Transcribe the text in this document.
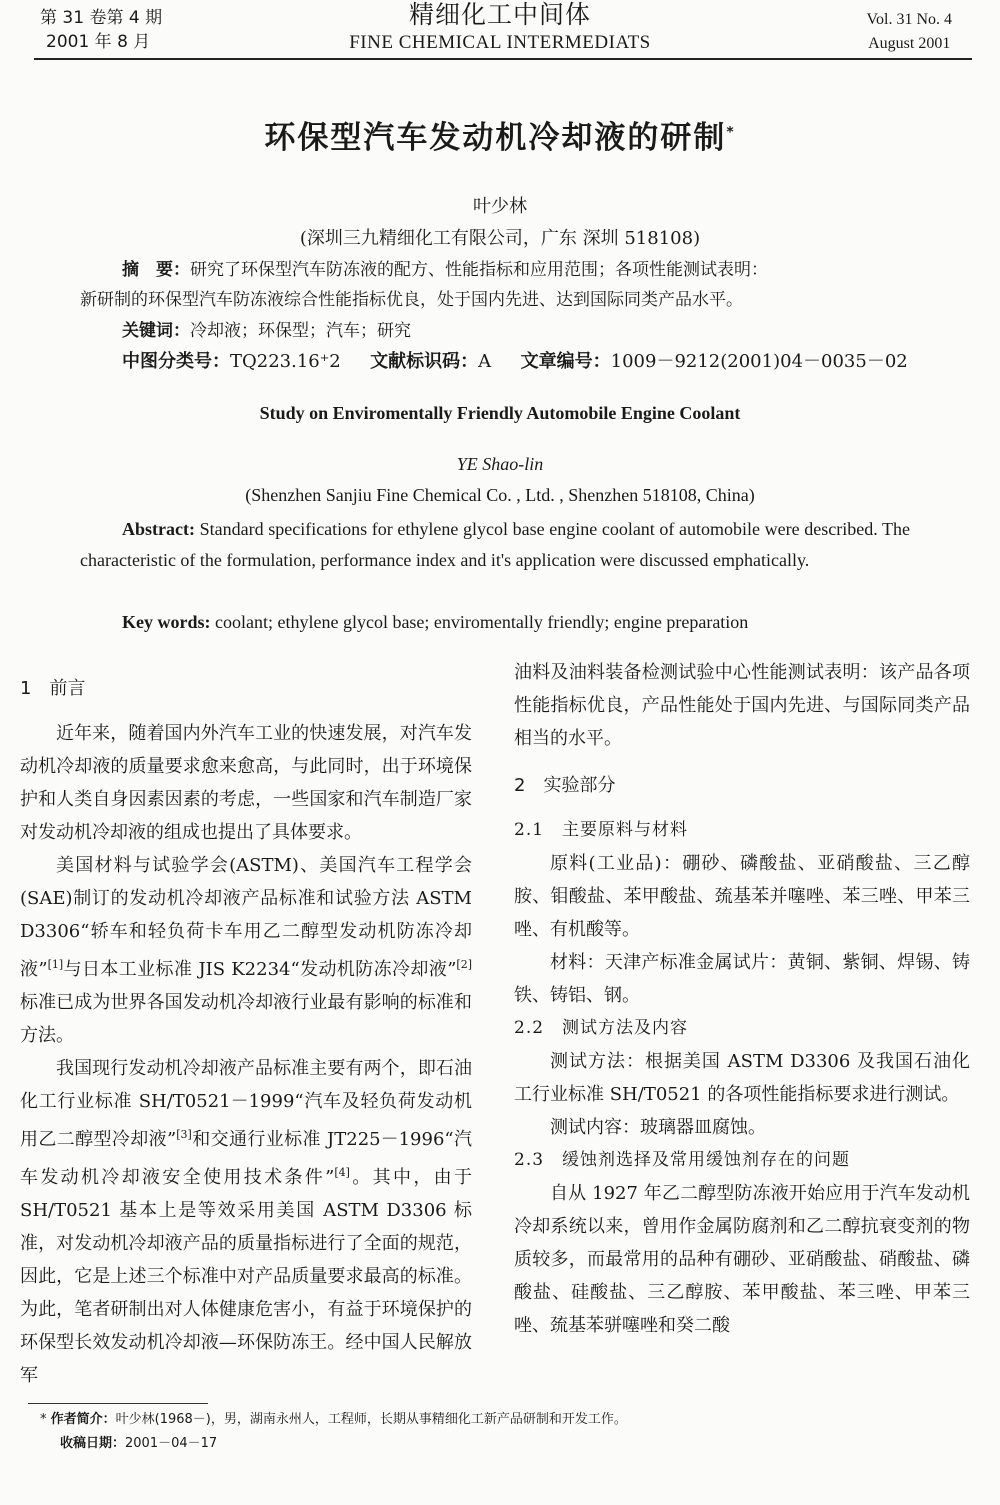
第 31 卷第 4 期
2001 年 8 月
精细化工中间体
FINE CHEMICAL INTERMEDIATS
Vol. 31 No. 4
August 2001
环保型汽车发动机冷却液的研制*
叶少林
(深圳三九精细化工有限公司，广东 深圳 518108)
摘　要：研究了环保型汽车防冻液的配方、性能指标和应用范围；各项性能测试表明：
新研制的环保型汽车防冻液综合性能指标优良，处于国内先进、达到国际同类产品水平。
关键词：冷却液；环保型；汽车；研究
中图分类号：TQ223.16⁺2 文献标识码：A 文章编号：1009－9212(2001)04－0035－02
Study on Enviromentally Friendly Automobile Engine Coolant
YE Shao-lin
(Shenzhen Sanjiu Fine Chemical Co. , Ltd. , Shenzhen 518108, China)
Abstract: Standard specifications for ethylene glycol base engine coolant of automobile were described. The characteristic of the formulation, performance index and it's application were discussed emphatically.
Key words: coolant; ethylene glycol base; enviromentally friendly; engine preparation
1　前言

近年来，随着国内外汽车工业的快速发展，对汽车发动机冷却液的质量要求愈来愈高，与此同时，出于环境保护和人类自身因素因素的考虑，一些国家和汽车制造厂家对发动机冷却液的组成也提出了具体要求。

美国材料与试验学会(ASTM)、美国汽车工程学会(SAE)制订的发动机冷却液产品标准和试验方法 ASTM D3306“轿车和轻负荷卡车用乙二醇型发动机防冻冷却液”[1]与日本工业标准 JIS K2234“发动机防冻冷却液”[2]标准已成为世界各国发动机冷却液行业最有影响的标准和方法。

我国现行发动机冷却液产品标准主要有两个，即石油化工行业标准 SH/T0521－1999“汽车及轻负荷发动机用乙二醇型冷却液”[3]和交通行业标准 JT225－1996“汽车发动机冷却液安全使用技术条件”[4]。其中，由于 SH/T0521 基本上是等效采用美国 ASTM D3306 标准，对发动机冷却液产品的质量指标进行了全面的规范，因此，它是上述三个标准中对产品质量要求最高的标准。为此，笔者研制出对人体健康危害小，有益于环境保护的环保型长效发动机冷却液—环保防冻王。经中国人民解放军

油料及油料装备检测试验中心性能测试表明：该产品各项性能指标优良，产品性能处于国内先进、与国际同类产品相当的水平。

2　实验部分
2.1　主要原料与材料

原料(工业品)：硼砂、磷酸盐、亚硝酸盐、三乙醇胺、钼酸盐、苯甲酸盐、巯基苯并噻唑、苯三唑、甲苯三唑、有机酸等。

材料：天津产标准金属试片：黄铜、紫铜、焊锡、铸铁、铸铝、钢。

2.2　测试方法及内容

测试方法：根据美国 ASTM D3306 及我国石油化工行业标准 SH/T0521 的各项性能指标要求进行测试。

测试内容：玻璃器皿腐蚀。

2.3　缓蚀剂选择及常用缓蚀剂存在的问题

自从 1927 年乙二醇型防冻液开始应用于汽车发动机冷却系统以来，曾用作金属防腐剂和乙二醇抗衰变剂的物质较多，而最常用的品种有硼砂、亚硝酸盐、硝酸盐、磷酸盐、硅酸盐、三乙醇胺、苯甲酸盐、苯三唑、甲苯三唑、巯基苯骈噻唑和癸二酸

* 作者简介：叶少林(1968－)，男，湖南永州人，工程师，长期从事精细化工新产品研制和开发工作。
收稿日期：2001－04－17
